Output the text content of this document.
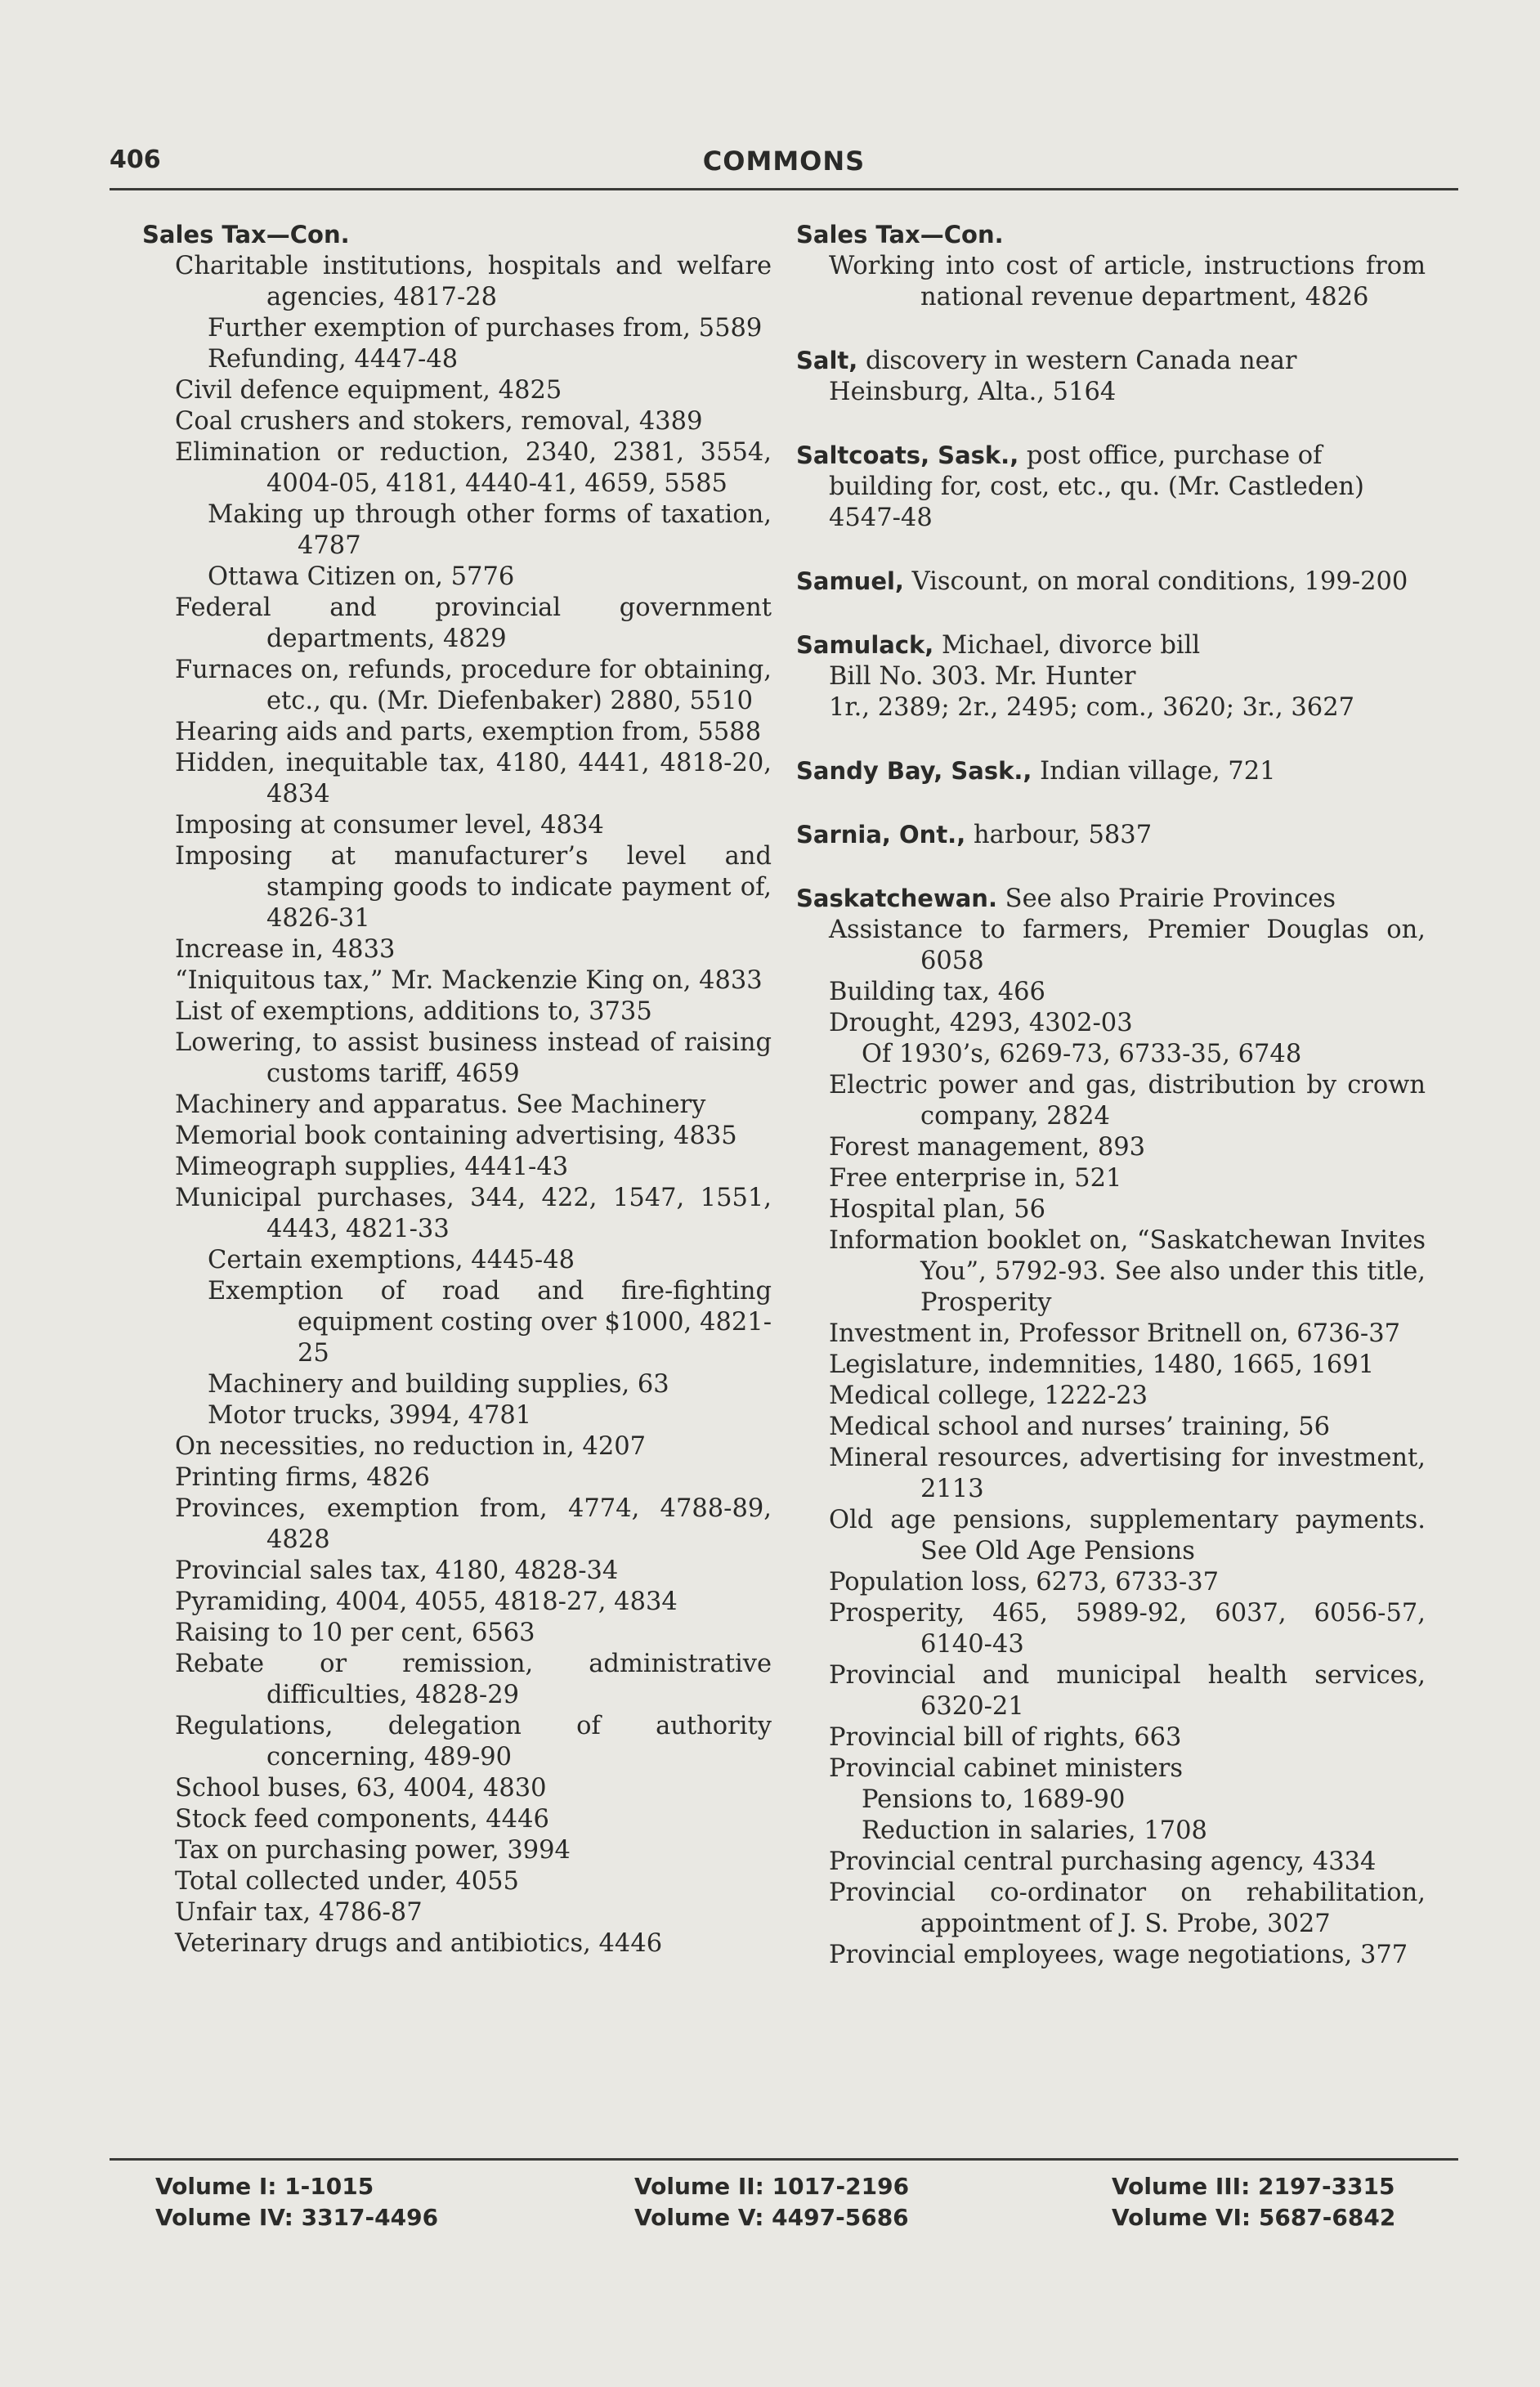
406	COMMONS
Sales Tax—Con.
Charitable institutions, hospitals and welfare agencies, 4817-28
Further exemption of purchases from, 5589
Refunding, 4447-48
Civil defence equipment, 4825
Coal crushers and stokers, removal, 4389
Elimination or reduction, 2340, 2381, 3554, 4004-05, 4181, 4440-41, 4659, 5585
Making up through other forms of taxation, 4787
Ottawa Citizen on, 5776
Federal and provincial government departments, 4829
Furnaces on, refunds, procedure for obtaining, etc., qu. (Mr. Diefenbaker) 2880, 5510
Hearing aids and parts, exemption from, 5588
Hidden, inequitable tax, 4180, 4441, 4818-20, 4834
Imposing at consumer level, 4834
Imposing at manufacturer’s level and stamping goods to indicate payment of, 4826-31
Increase in, 4833
“Iniquitous tax,” Mr. Mackenzie King on, 4833
List of exemptions, additions to, 3735
Lowering, to assist business instead of raising customs tariff, 4659
Machinery and apparatus. See Machinery
Memorial book containing advertising, 4835
Mimeograph supplies, 4441-43
Municipal purchases, 344, 422, 1547, 1551, 4443, 4821-33
Certain exemptions, 4445-48
Exemption of road and fire-fighting equipment costing over $1000, 4821-25
Machinery and building supplies, 63
Motor trucks, 3994, 4781
On necessities, no reduction in, 4207
Printing firms, 4826
Provinces, exemption from, 4774, 4788-89, 4828
Provincial sales tax, 4180, 4828-34
Pyramiding, 4004, 4055, 4818-27, 4834
Raising to 10 per cent, 6563
Rebate or remission, administrative difficulties, 4828-29
Regulations, delegation of authority concerning, 489-90
School buses, 63, 4004, 4830
Stock feed components, 4446
Tax on purchasing power, 3994
Total collected under, 4055
Unfair tax, 4786-87
Veterinary drugs and antibiotics, 4446
Sales Tax—Con.
Working into cost of article, instructions from national revenue department, 4826
Salt, discovery in western Canada near Heinsburg, Alta., 5164
Saltcoats, Sask., post office, purchase of building for, cost, etc., qu. (Mr. Castleden) 4547-48
Samuel, Viscount, on moral conditions, 199-200
Samulack, Michael, divorce bill
Bill No. 303. Mr. Hunter
1r., 2389; 2r., 2495; com., 3620; 3r., 3627
Sandy Bay, Sask., Indian village, 721
Sarnia, Ont., harbour, 5837
Saskatchewan. See also Prairie Provinces
Assistance to farmers, Premier Douglas on, 6058
Building tax, 466
Drought, 4293, 4302-03
Of 1930’s, 6269-73, 6733-35, 6748
Electric power and gas, distribution by crown company, 2824
Forest management, 893
Free enterprise in, 521
Hospital plan, 56
Information booklet on, “Saskatchewan Invites You”, 5792-93. See also under this title, Prosperity
Investment in, Professor Britnell on, 6736-37
Legislature, indemnities, 1480, 1665, 1691
Medical college, 1222-23
Medical school and nurses’ training, 56
Mineral resources, advertising for investment, 2113
Old age pensions, supplementary payments. See Old Age Pensions
Population loss, 6273, 6733-37
Prosperity, 465, 5989-92, 6037, 6056-57, 6140-43
Provincial and municipal health services, 6320-21
Provincial bill of rights, 663
Provincial cabinet ministers
Pensions to, 1689-90
Reduction in salaries, 1708
Provincial central purchasing agency, 4334
Provincial co-ordinator on rehabilitation, appointment of J. S. Probe, 3027
Provincial employees, wage negotiations, 377
Volume I: 1-1015
Volume IV: 3317-4496
Volume II: 1017-2196
Volume V: 4497-5686
Volume III: 2197-3315
Volume VI: 5687-6842
